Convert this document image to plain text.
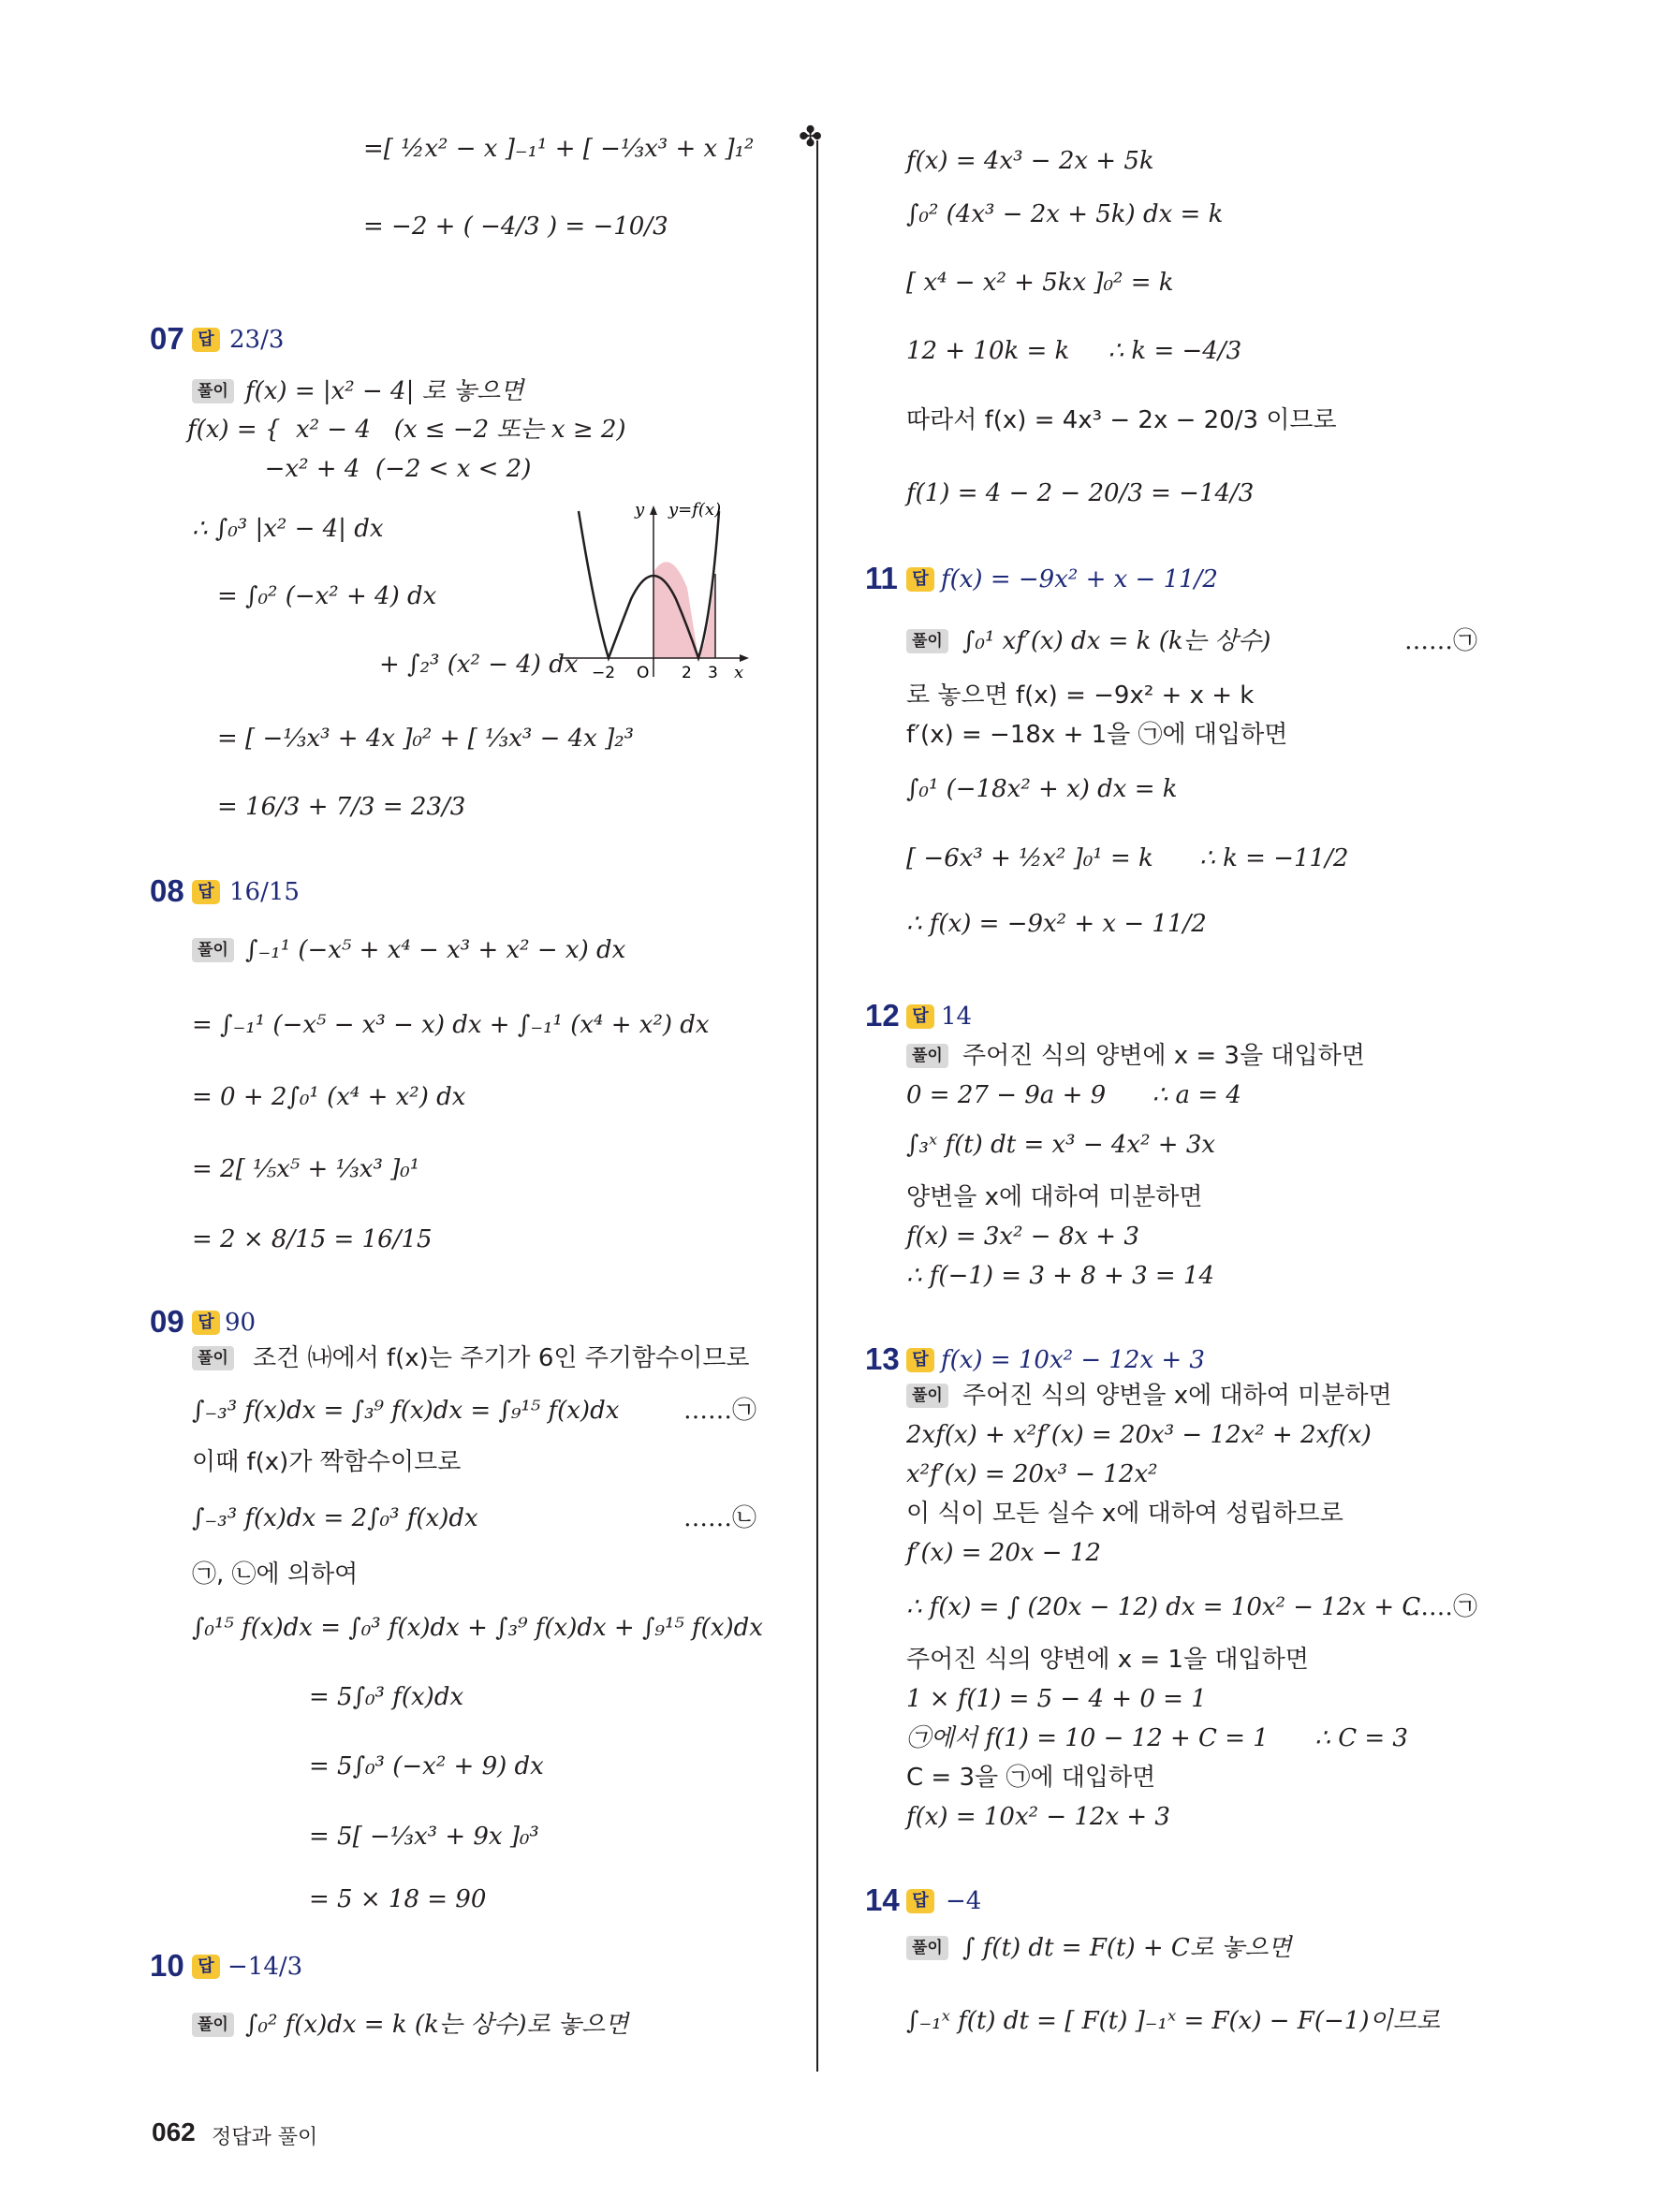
✤
=[ ½x² − x ]₋₁¹ + [ −⅓x³ + x ]₁²
= −2 + ( −4/3 ) = −10/3
07 답 23/3
풀이 f(x) = |x² − 4| 로 놓으면
f(x) = {  x² − 4   (x ≤ −2 또는 x ≥ 2)
−x² + 4  (−2 < x < 2)
∴ ∫₀³ |x² − 4| dx
= ∫₀² (−x² + 4) dx
+ ∫₂³ (x² − 4) dx
= [ −⅓x³ + 4x ]₀² + [ ⅓x³ − 4x ]₂³
= 16/3 + 7/3 = 23/3
y y=f(x)
−2 O 2 3 x
08 답 16/15
풀이 ∫₋₁¹ (−x⁵ + x⁴ − x³ + x² − x) dx
= ∫₋₁¹ (−x⁵ − x³ − x) dx + ∫₋₁¹ (x⁴ + x²) dx
= 0 + 2∫₀¹ (x⁴ + x²) dx
= 2[ ⅕x⁵ + ⅓x³ ]₀¹
= 2 × 8/15 = 16/15
09 답 90
풀이 조건 ㈏에서 f(x)는 주기가 6인 주기함수이므로
∫₋₃³ f(x)dx = ∫₃⁹ f(x)dx = ∫₉¹⁵ f(x)dx	……㉠
이때 f(x)가 짝함수이므로
∫₋₃³ f(x)dx = 2∫₀³ f(x)dx	……㉡
㉠, ㉡에 의하여
∫₀¹⁵ f(x)dx = ∫₀³ f(x)dx + ∫₃⁹ f(x)dx + ∫₉¹⁵ f(x)dx
= 5∫₀³ f(x)dx
= 5∫₀³ (−x² + 9) dx
= 5[ −⅓x³ + 9x ]₀³
= 5 × 18 = 90
10 답 −14/3
풀이 ∫₀² f(x)dx = k (k는 상수)로 놓으면
f(x) = 4x³ − 2x + 5k
∫₀² (4x³ − 2x + 5k) dx = k
[ x⁴ − x² + 5kx ]₀² = k
12 + 10k = k     ∴ k = −4/3
따라서 f(x) = 4x³ − 2x − 20/3 이므로
f(1) = 4 − 2 − 20/3 = −14/3
11 답 f(x) = −9x² + x − 11/2
풀이 ∫₀¹ xf′(x) dx = k (k는 상수)	……㉠
로 놓으면 f(x) = −9x² + x + k
f′(x) = −18x + 1을 ㉠에 대입하면
∫₀¹ (−18x² + x) dx = k
[ −6x³ + ½x² ]₀¹ = k      ∴ k = −11/2
∴ f(x) = −9x² + x − 11/2
12 답 14
풀이 주어진 식의 양변에 x = 3을 대입하면
0 = 27 − 9a + 9      ∴ a = 4
∫₃ˣ f(t) dt = x³ − 4x² + 3x
양변을 x에 대하여 미분하면
f(x) = 3x² − 8x + 3
∴ f(−1) = 3 + 8 + 3 = 14
13 답 f(x) = 10x² − 12x + 3
풀이 주어진 식의 양변을 x에 대하여 미분하면
2xf(x) + x²f′(x) = 20x³ − 12x² + 2xf(x)
x²f′(x) = 20x³ − 12x²
이 식이 모든 실수 x에 대하여 성립하므로
f′(x) = 20x − 12
∴ f(x) = ∫ (20x − 12) dx = 10x² − 12x + C
……㉠
주어진 식의 양변에 x = 1을 대입하면
1 × f(1) = 5 − 4 + 0 = 1
㉠에서 f(1) = 10 − 12 + C = 1      ∴ C = 3
C = 3을 ㉠에 대입하면
f(x) = 10x² − 12x + 3
14 답 −4
풀이 ∫ f(t) dt = F(t) + C로 놓으면
∫₋₁ˣ f(t) dt = [ F(t) ]₋₁ˣ = F(x) − F(−1)이므로
062 정답과 풀이
